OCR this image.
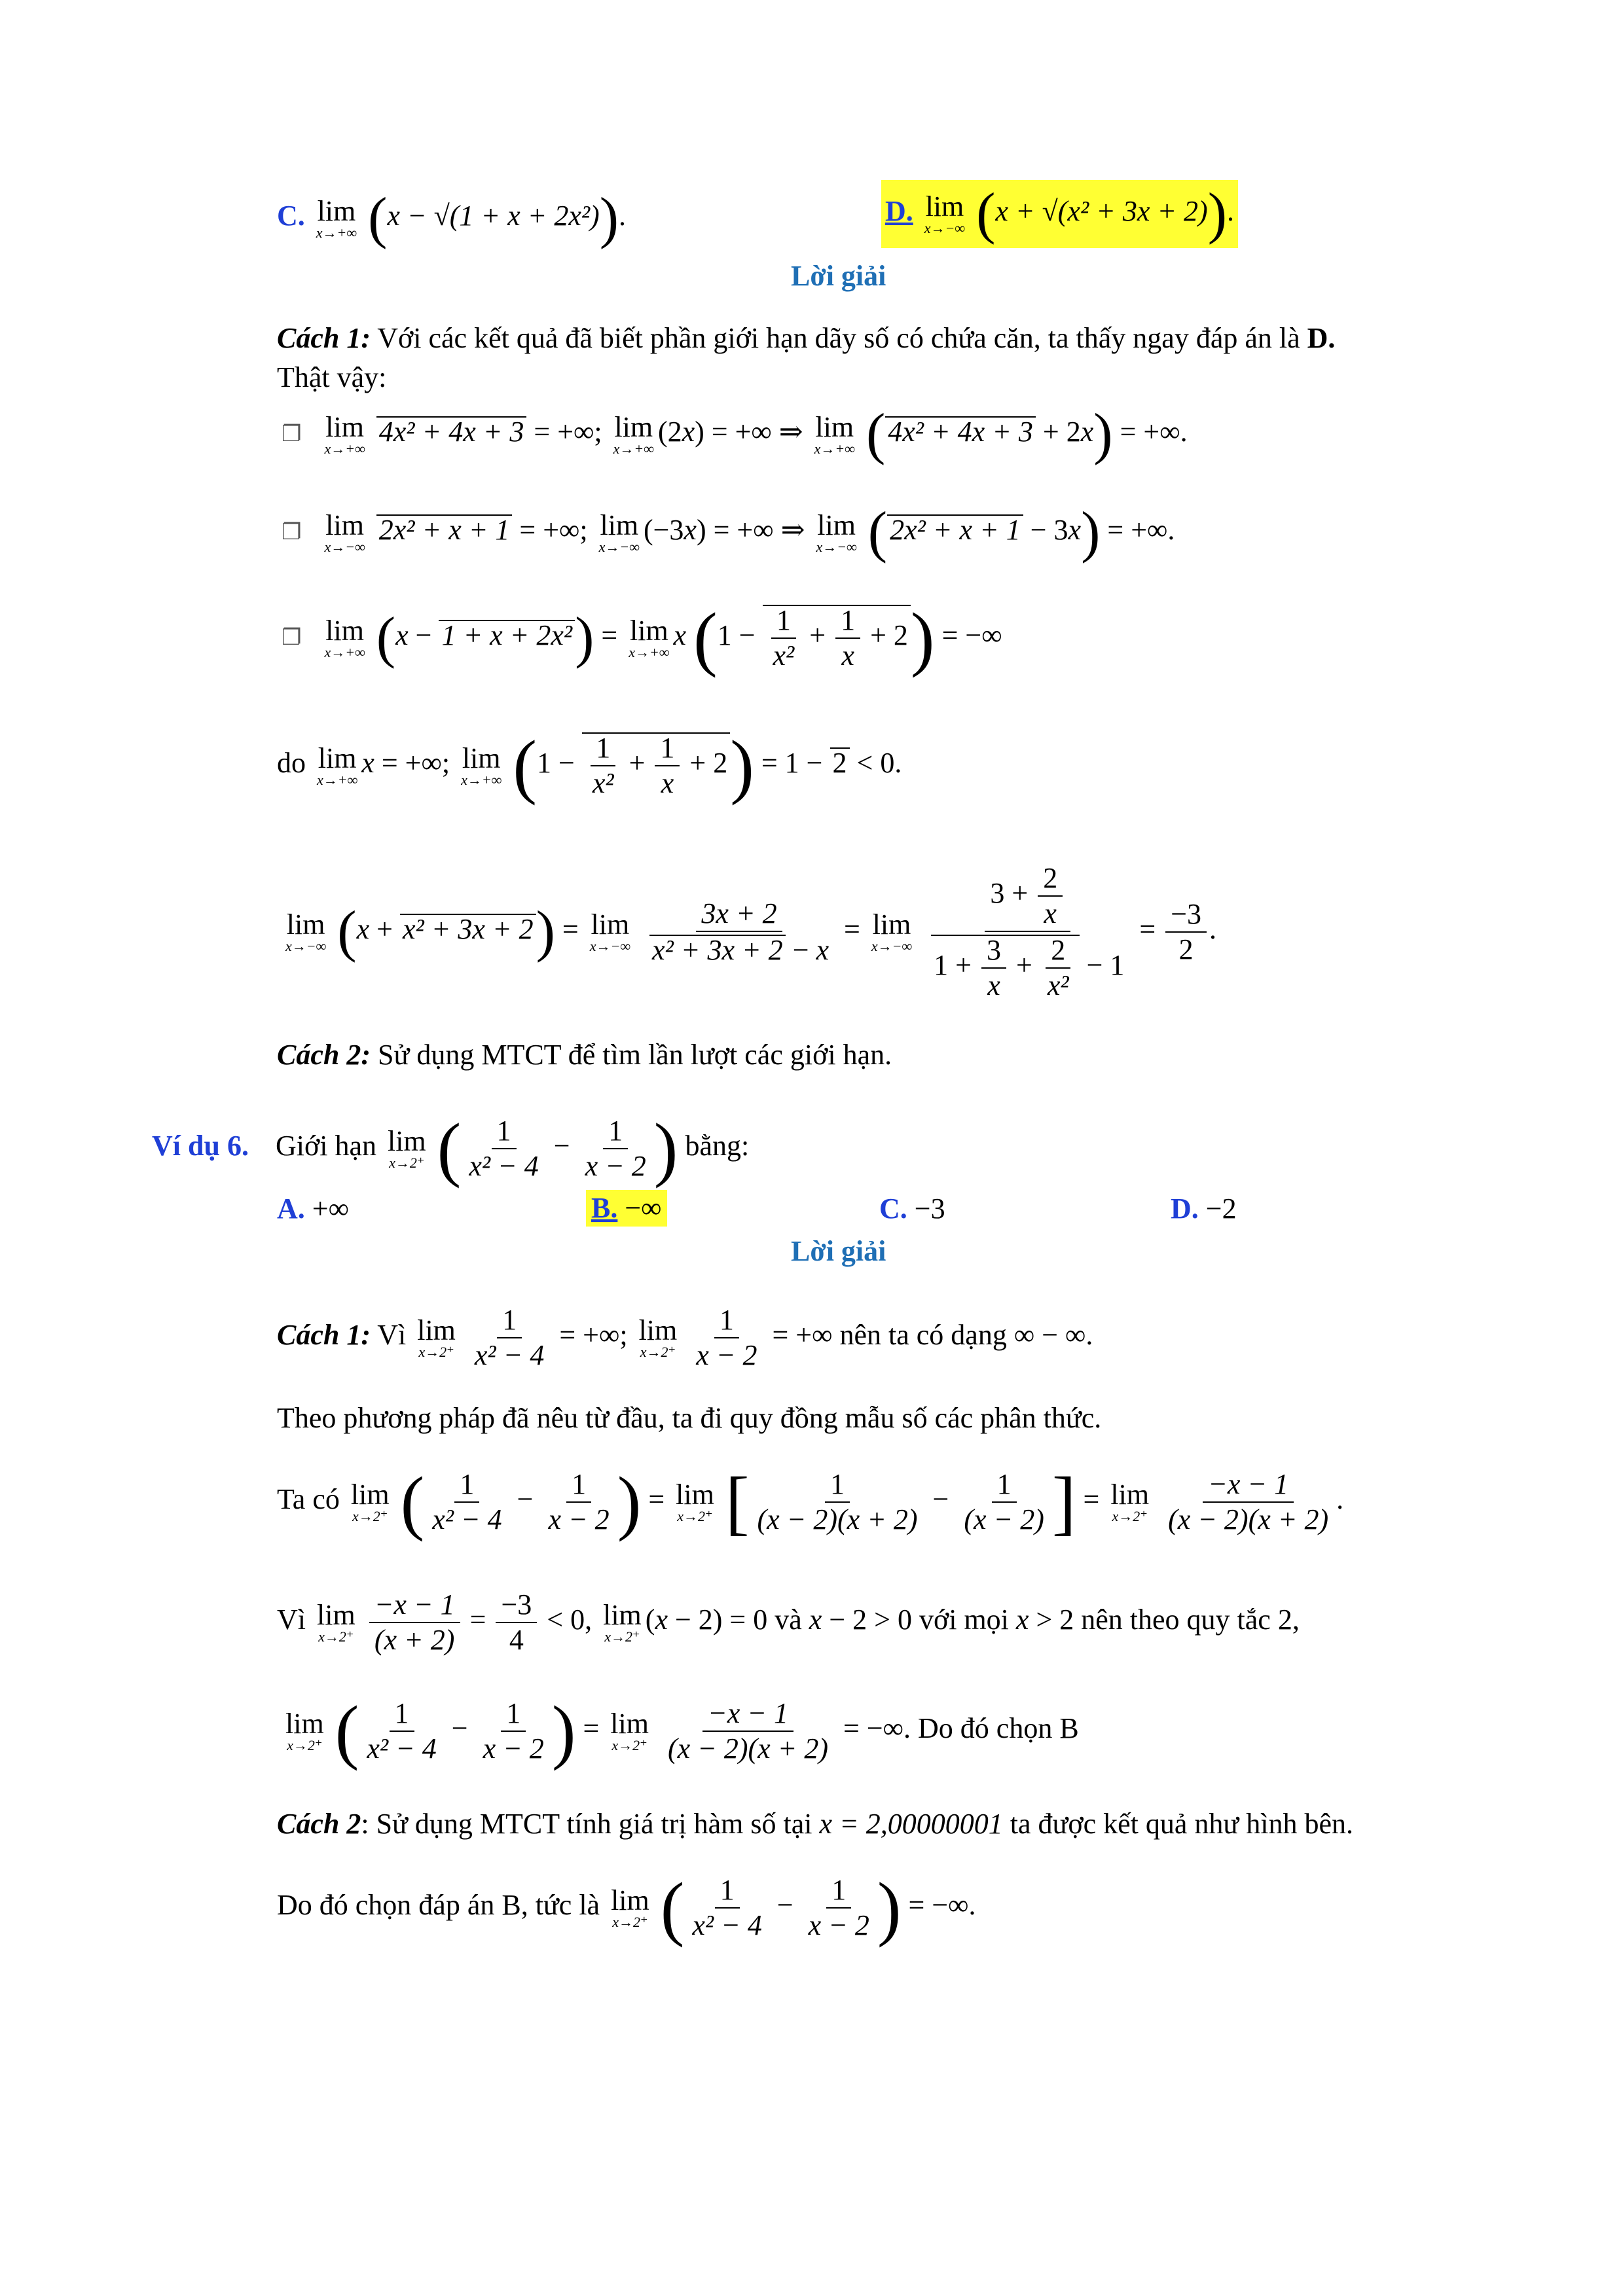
C. lim
x→+∞ (x − √(1 + x + 2x²)).	D. lim
x→−∞ (x + √(x² + 3x + 2)).
Lời giải
Cách 1: Với các kết quả đã biết phần giới hạn dãy số có chứa căn, ta thấy ngay đáp án là D.
Thật vậy:
❐ lim
x→+∞
4x² + 4x + 3 = +∞; lim
x→+∞
(2x) = +∞ ⇒ lim
x→+∞ (4x² + 4x + 3 + 2x) = +∞.
❐ lim
x→−∞
2x² + x + 1 = +∞; lim
x→−∞
(−3x) = +∞ ⇒ lim
x→−∞ (2x² + x + 1 − 3x) = +∞.
❐ lim
x→+∞ (x − 1 + x + 2x²) = lim
x→+∞
x $(1 - \frac{1}{\text{x²}} + \frac{1}{x} + 2)$ = −∞
do lim
x→+∞
x = +∞; lim
x→+∞ $(1 - \frac{1}{\text{x²}} + \frac{1}{x} + 2) = 1 - 2 < 0$.
lim
x→−∞ (x + x² + 3x + 2) = lim
x→−∞
$\frac{3x + 2}{\text{x² + 3x + 2 − x}} = \lim$
x→−∞
$\frac{3 + \frac{2}{x}}{1 + \frac{3}{x} + \frac{2}{\text{x²}} - 1} = \frac{-3}{2}$ .
Cách 2: Sử dụng MTCT để tìm lần lượt các giới hạn.
Ví dụ 6. Giới hạn lim
x→2⁺ ( $\frac{1}{\text{x² − 4}} - \frac{1}{x - 2}$ ) bằng:
A. +∞	B. −∞	C. −3	D. −2
Lời giải
Cách 1: Vì lim
x→2⁺
$\frac{1}{\text{x² − 4}}$ = +∞; lim
x→2⁺
$\frac{1}{x - 2}$ = +∞ nên ta có dạng ∞ − ∞.
Theo phương pháp đã nêu từ đầu, ta đi quy đồng mẫu số các phân thức.
Ta có lim
x→2⁺ ( $\frac{1}{\text{x² − 4}} - \frac{1}{x - 2}$ ) = lim
x→2⁺ [ $\frac{1}{(x - 2)(x + 2)} - \frac{1}{(x - 2)}$ ] = lim
x→2⁺
$\frac{-x - 1}{(x - 2)(x + 2)}$ .
Vì lim
x→2⁺
$\frac{-x - 1}{(x + 2)} = \frac{-3}{4} < 0$, lim
x→2⁺
(x − 2) = 0 và x − 2 > 0 với mọi x > 2 nên theo quy tắc 2,
lim
x→2⁺ ( $\frac{1}{\text{x² − 4}} - \frac{1}{x - 2}$ ) = lim
x→2⁺
$\frac{-x - 1}{(x - 2)(x + 2)}$ = −∞. Do đó chọn B
Cách 2: Sử dụng MTCT tính giá trị hàm số tại x = 2,00000001 ta được kết quả như hình bên.
Do đó chọn đáp án B, tức là lim
x→2⁺ ( $\frac{1}{\text{x² − 4}} - \frac{1}{x - 2}$ ) = −∞.
